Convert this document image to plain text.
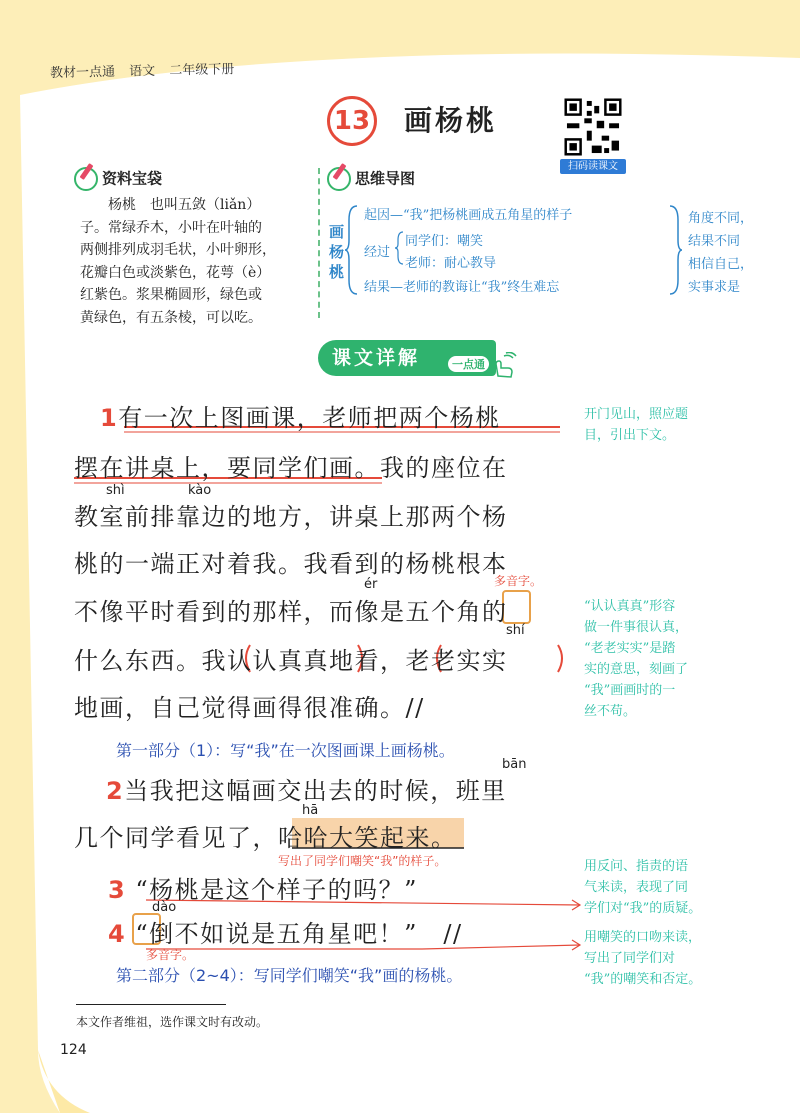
教材一点通 语文 二年级下册
13 画杨桃
扫码读课文
资料宝袋

杨桃　也叫五敛（liǎn）

子。常绿乔木，小叶在叶轴的
两侧排列成羽毛状，小叶卵形，
花瓣白色或淡紫色，花萼（è）
红紫色。浆果椭圆形，绿色或
黄绿色，有五条棱，可以吃。
思维导图
画杨桃
起因—“我”把杨桃画成五角星的样子
经过
同学们：嘲笑
老师：耐心教导
结果—老师的教诲让“我”终生难忘
角度不同，
结果不同
相信自己，
实事求是
课文详解	一点通
1有一次上图画课，老师把两个杨桃
摆在讲桌上，要同学们画。我的座位在
shì	kào
教室前排靠边的地方，讲桌上那两个杨
桃的一端正对着我。我看到的杨桃根本
ér	多音字。
不像平时看到的那样，而像是五个角的
shí
什么东西。我认认真真地看，老老实实
地画，自己觉得画得很准确。//
第一部分（1）：写“我”在一次图画课上画杨桃。
bān
2当我把这幅画交出去的时候，班里
hā
几个同学看见了，哈哈大笑起来。
写出了同学们嘲笑“我”的样子。
3 “杨桃是这个样子的吗？”
dào
4 “倒不如说是五角星吧！”　//
多音字。
第二部分（2~4）：写同学们嘲笑“我”画的杨桃。
开门见山，照应题
目，引出下文。
“认认真真”形容
做一件事很认真，
“老老实实”是踏
实的意思，刻画了
“我”画画时的一
丝不苟。
用反问、指责的语
气来读，表现了同
学们对“我”的质疑。
用嘲笑的口吻来读，
写出了同学们对
“我”的嘲笑和否定。
本文作者维祖，选作课文时有改动。
124
